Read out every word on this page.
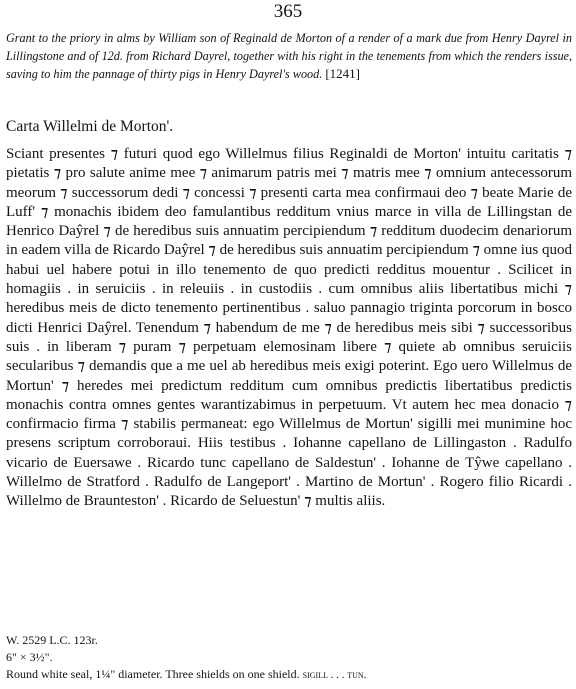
365

Grant to the priory in alms by William son of Reginald de Morton of a render of a mark due from Henry Dayrel in Lillingstone and of 12d. from Richard Dayrel, together with his right in the tenements from which the renders issue, saving to him the pannage of thirty pigs in Henry Dayrel's wood. [1241]

Carta Willelmi de Morton'.

Sciant presentes ⁊ futuri quod ego Willelmus filius Reginaldi de Morton' intuitu caritatis ⁊ pietatis ⁊ pro salute anime mee ⁊ animarum patris mei ⁊ matris mee ⁊ omnium antecessorum meorum ⁊ successorum dedi ⁊ concessi ⁊ presenti carta mea confirmaui deo ⁊ beate Marie de Luff' ⁊ monachis ibidem deo famulantibus redditum vnius marce in villa de Lillingstan de Henrico Daŷrel ⁊ de heredibus suis annuatim percipiendum ⁊ redditum duodecim denariorum in eadem villa de Ricardo Daŷrel ⁊ de heredibus suis annuatim percipiendum ⁊ omne ius quod habui uel habere potui in illo tenemento de quo predicti redditus mouentur . Scilicet in homagiis . in seruiciis . in releuiis . in custodiis . cum omnibus aliis libertatibus michi ⁊ heredibus meis de dicto tenemento pertinentibus . saluo pannagio triginta porcorum in bosco dicti Henrici Daŷrel. Tenendum ⁊ habendum de me ⁊ de heredibus meis sibi ⁊ successoribus suis . in liberam ⁊ puram ⁊ perpetuam elemosinam libere ⁊ quiete ab omnibus seruiciis secularibus ⁊ demandis que a me uel ab heredibus meis exigi poterint. Ego uero Willelmus de Mortun' ⁊ heredes mei predictum redditum cum omnibus predictis libertatibus predictis monachis contra omnes gentes warantizabimus in perpetuum. Vt autem hec mea donacio ⁊ confirmacio firma ⁊ stabilis permaneat: ego Willelmus de Mortun' sigilli mei munimine hoc presens scriptum corroboraui. Hiis testibus . Iohanne capellano de Lillingaston . Radulfo vicario de Euersawe . Ricardo tunc capellano de Saldestun' . Iohanne de Tŷwe capellano . Willelmo de Stratford . Radulfo de Langeport' . Martino de Mortun' . Rogero filio Ricardi . Willelmo de Braunteston' . Ricardo de Seluestun' ⁊ multis aliis.

W. 2529 L.C. 123r.
6" × 3½".
Round white seal, 1¼" diameter. Three shields on one shield. sigill . . . tun.
